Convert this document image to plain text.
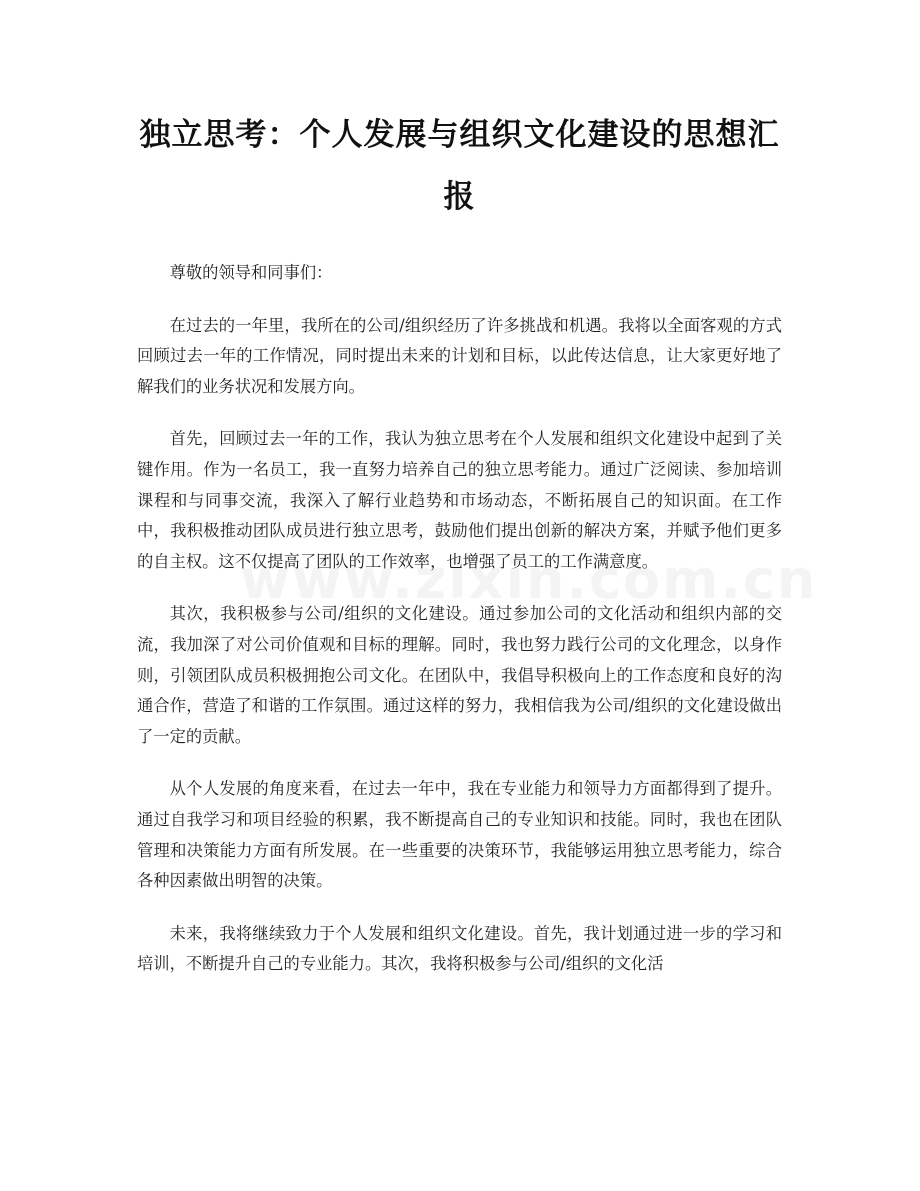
独立思考：个人发展与组织文化建设的思想汇报

尊敬的领导和同事们：

在过去的一年里，我所在的公司/组织经历了许多挑战和机遇。我将以全面客观的方式回顾过去一年的工作情况，同时提出未来的计划和目标，以此传达信息，让大家更好地了解我们的业务状况和发展方向。

首先，回顾过去一年的工作，我认为独立思考在个人发展和组织文化建设中起到了关键作用。作为一名员工，我一直努力培养自己的独立思考能力。通过广泛阅读、参加培训课程和与同事交流，我深入了解行业趋势和市场动态，不断拓展自己的知识面。在工作中，我积极推动团队成员进行独立思考，鼓励他们提出创新的解决方案，并赋予他们更多的自主权。这不仅提高了团队的工作效率，也增强了员工的工作满意度。

其次，我积极参与公司/组织的文化建设。通过参加公司的文化活动和组织内部的交流，我加深了对公司价值观和目标的理解。同时，我也努力践行公司的文化理念，以身作则，引领团队成员积极拥抱公司文化。在团队中，我倡导积极向上的工作态度和良好的沟通合作，营造了和谐的工作氛围。通过这样的努力，我相信我为公司/组织的文化建设做出了一定的贡献。

从个人发展的角度来看，在过去一年中，我在专业能力和领导力方面都得到了提升。通过自我学习和项目经验的积累，我不断提高自己的专业知识和技能。同时，我也在团队管理和决策能力方面有所发展。在一些重要的决策环节，我能够运用独立思考能力，综合各种因素做出明智的决策。

未来，我将继续致力于个人发展和组织文化建设。首先，我计划通过进一步的学习和培训，不断提升自己的专业能力。其次，我将积极参与公司/组织的文化活
